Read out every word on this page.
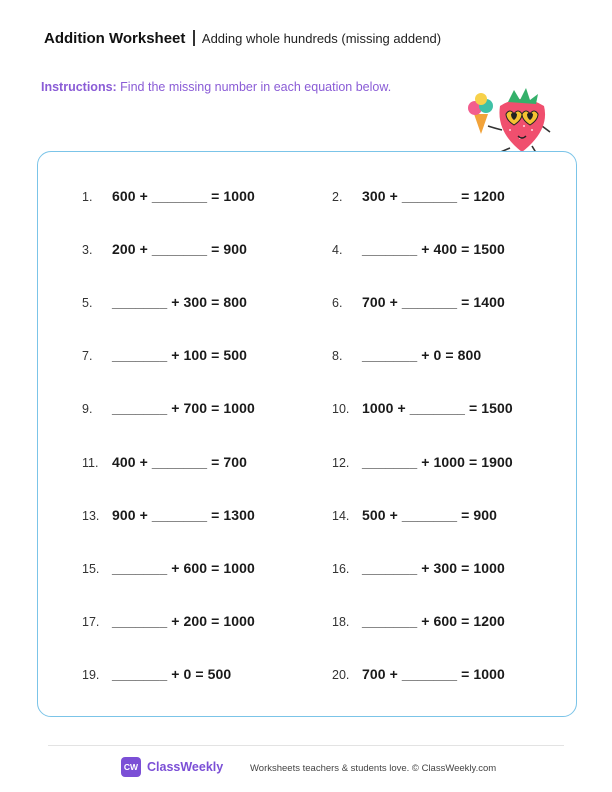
Addition Worksheet Adding whole hundreds (missing addend)
Instructions: Find the missing number in each equation below.
1.	600 + _______ = 1000	2.	300 + _______ = 1200
3.	200 + _______ = 900	4.	_______ + 400 = 1500
5.	_______ + 300 = 800	6.	700 + _______ = 1400
7.	_______ + 100 = 500	8.	_______ + 0 = 800
9.	_______ + 700 = 1000	10. 1000 + _______ = 1500
11. 400 + _______ = 700	12. _______ + 1000 = 1900
13. 900 + _______ = 1300	14. 500 + _______ = 900
15. _______ + 600 = 1000	16. _______ + 300 = 1000
17. _______ + 200 = 1000	18. _______ + 600 = 1200
19. _______ + 0 = 500	20. 700 + _______ = 1000
CW ClassWeekly	Worksheets teachers & students love. © ClassWeekly.com
